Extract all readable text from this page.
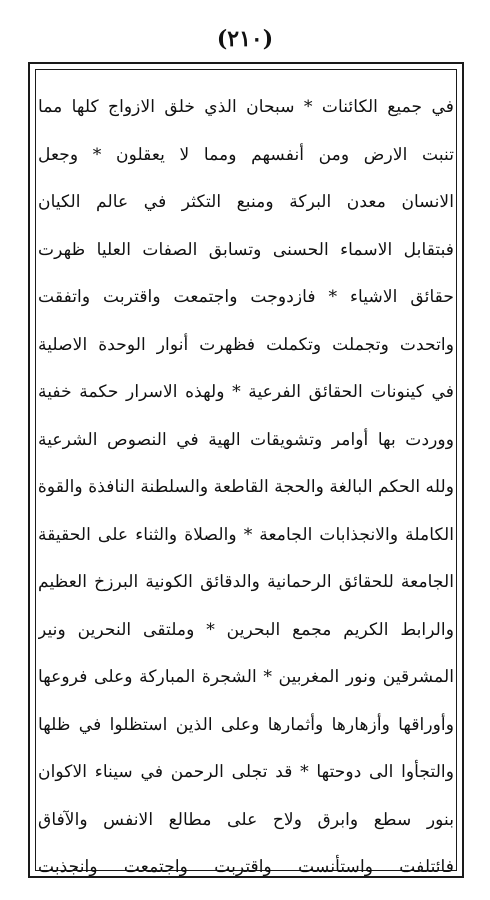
(٢١٠)
في جميع الكائنات * سبحان الذي خلق الازواج كلها مما
تنبت الارض ومن أنفسهم ومما لا يعقلون * وجعل
الانسان معدن البركة ومنبع التكثر في عالم الكيان
فبتقابل الاسماء الحسنى وتسابق الصفات العليا ظهرت
حقائق الاشياء * فازدوجت واجتمعت واقتربت واتفقت
واتحدت وتجملت وتكملت فظهرت أنوار الوحدة الاصلية
في كينونات الحقائق الفرعية * ولهذه الاسرار حكمة خفية
ووردت بها أوامر وتشويقات الهية في النصوص الشرعية
ولله الحكم البالغة والحجة القاطعة والسلطنة النافذة والقوة
الكاملة والانجذابات الجامعة * والصلاة والثناء على الحقيقة
الجامعة للحقائق الرحمانية والدقائق الكونية البرزخ العظيم
والرابط الكريم مجمع البحرين * وملتقى النحرين ونير
المشرقين ونور المغربين * الشجرة المباركة وعلى فروعها
وأوراقها وأزهارها وأثمارها وعلى الذين استظلوا في ظلها
والتجأوا الى دوحتها * قد تجلى الرحمن في سيناء الاكوان
بنور سطع وابرق ولاح على مطالع الانفس والآفاق
فائتلفت واستأنست واقتربت واجتمعت وانجذبت
